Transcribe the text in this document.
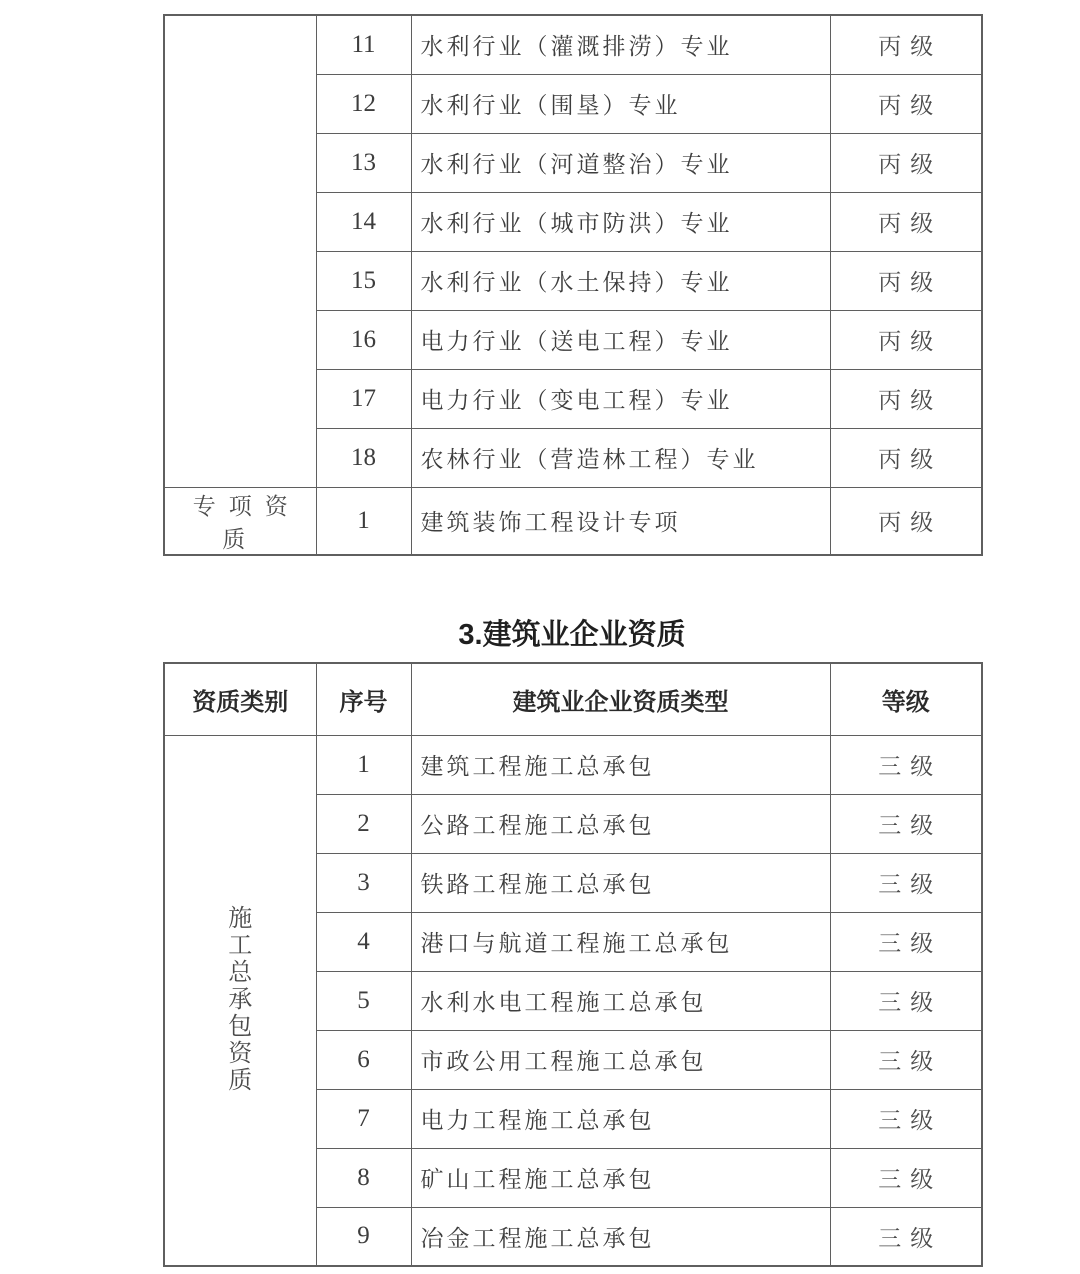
	11	水利行业（灌溉排涝）专业	丙级
	12	水利行业（围垦）专业	丙级
	13	水利行业（河道整治）专业	丙级
	14	水利行业（城市防洪）专业	丙级
	15	水利行业（水土保持）专业	丙级
	16	电力行业（送电工程）专业	丙级
	17	电力行业（变电工程）专业	丙级
	18	农林行业（营造林工程）专业	丙级
专项资质	1	建筑装饰工程设计专项	丙级
3.建筑业企业资质
资质类别	序号	建筑业企业资质类型	等级

施工总承包资质	1	建筑工程施工总承包	三级
	2	公路工程施工总承包	三级
	3	铁路工程施工总承包	三级
	4	港口与航道工程施工总承包	三级
	5	水利水电工程施工总承包	三级
	6	市政公用工程施工总承包	三级
	7	电力工程施工总承包	三级
	8	矿山工程施工总承包	三级
	9	冶金工程施工总承包	三级
